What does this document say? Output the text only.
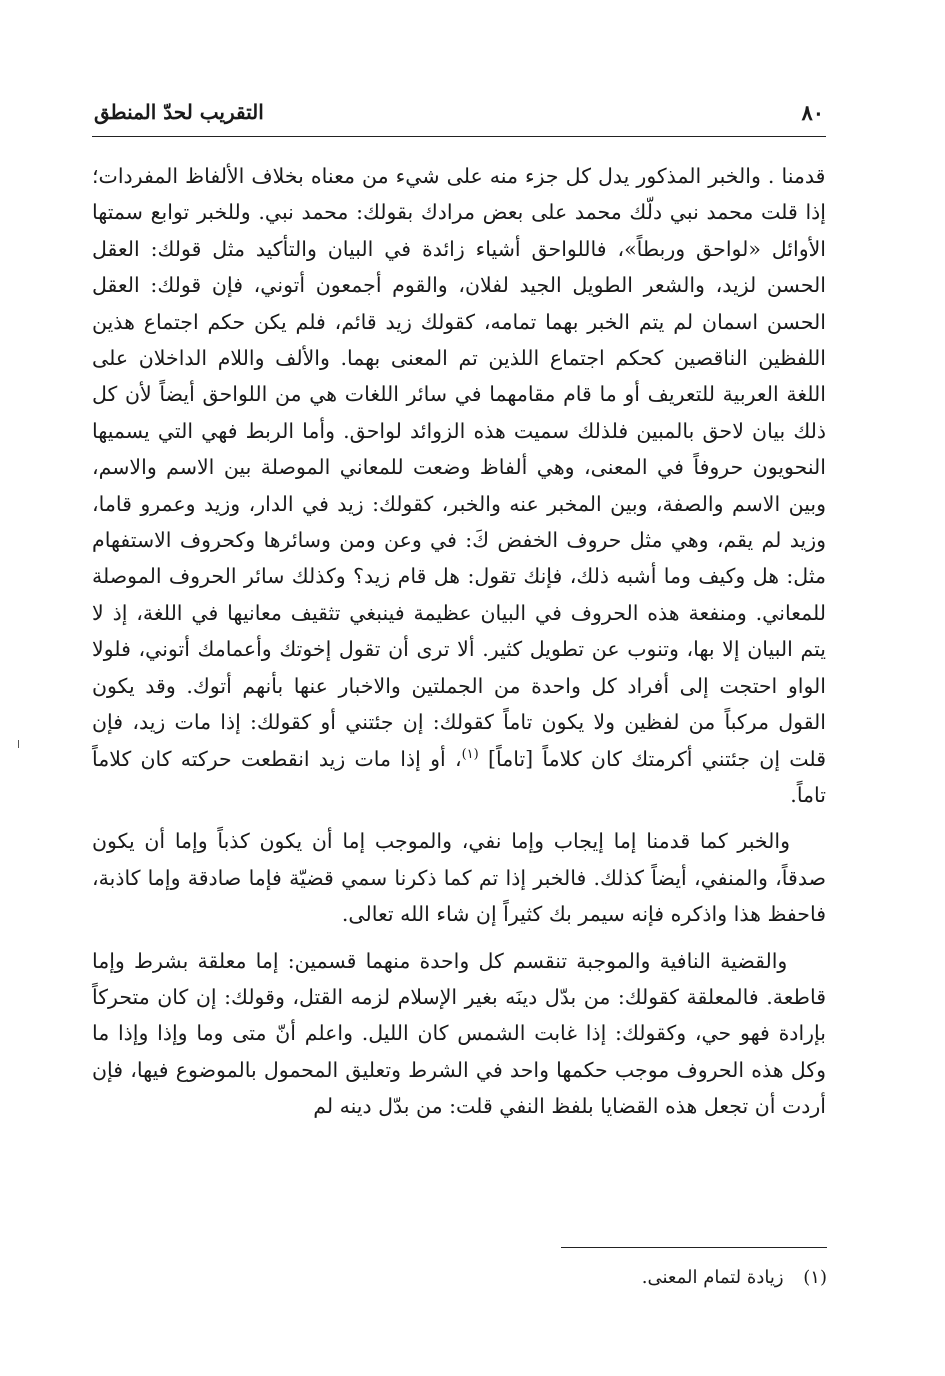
٨٠
التقريب لحدّ المنطق

قدمنا . والخبر المذكور يدل كل جزء منه على شيء من معناه بخلاف الألفاظ المفردات؛ إذا قلت محمد نبي دلّك محمد على بعض مرادك بقولك: محمد نبي. وللخبر توابع سمتها الأوائل «لواحق وربطاً»، فاللواحق أشياء زائدة في البيان والتأكيد مثل قولك: العقل الحسن لزيد، والشعر الطويل الجيد لفلان، والقوم أجمعون أتوني، فإن قولك: العقل الحسن اسمان لم يتم الخبر بهما تمامه، كقولك زيد قائم، فلم يكن حكم اجتماع هذين اللفظين الناقصين كحكم اجتماع اللذين تم المعنى بهما. والألف واللام الداخلان على اللغة العربية للتعريف أو ما قام مقامهما في سائر اللغات هي من اللواحق أيضاً لأن كل ذلك بيان لاحق بالمبين فلذلك سميت هذه الزوائد لواحق. وأما الربط فهي التي يسميها النحويون حروفاً في المعنى، وهي ألفاظ وضعت للمعاني الموصلة بين الاسم والاسم، وبين الاسم والصفة، وبين المخبر عنه والخبر، كقولك: زيد في الدار، وزيد وعمرو قاما، وزيد لم يقم، وهي مثل حروف الخفض كَ: في وعن ومن وسائرها وكحروف الاستفهام مثل: هل وكيف وما أشبه ذلك، فإنك تقول: هل قام زيد؟ وكذلك سائر الحروف الموصلة للمعاني. ومنفعة هذه الحروف في البيان عظيمة فينبغي تثقيف معانيها في اللغة، إذ لا يتم البيان إلا بها، وتنوب عن تطويل كثير. ألا ترى أن تقول إخوتك وأعمامك أتوني، فلولا الواو احتجت إلى أفراد كل واحدة من الجملتين والاخبار عنها بأنهم أتوك. وقد يكون القول مركباً من لفظين ولا يكون تاماً كقولك: إن جئتني أو كقولك: إذا مات زيد، فإن قلت إن جئتني أكرمتك كان كلاماً [تاماً] $^{(١)}$، أو إذا مات زيد انقطعت حركته كان كلاماً تاماً.

والخبر كما قدمنا إما إيجاب وإما نفي، والموجب إما أن يكون كذباً وإما أن يكون صدقاً، والمنفي، أيضاً كذلك. فالخبر إذا تم كما ذكرنا سمي قضيّة فإما صادقة وإما كاذبة، فاحفظ هذا واذكره فإنه سيمر بك كثيراً إن شاء الله تعالى.

والقضية النافية والموجبة تنقسم كل واحدة منهما قسمين: إما معلقة بشرط وإما قاطعة. فالمعلقة كقولك: من بدّل دينَه بغير الإسلام لزمه القتل، وقولك: إن كان متحركاً بإرادة فهو حي، وكقولك: إذا غابت الشمس كان الليل. واعلم أنّ متى وما وإذا وإذا ما وكل هذه الحروف موجب حكمها واحد في الشرط وتعليق المحمول بالموضوع فيها، فإن أردت أن تجعل هذه القضايا بلفظ النفي قلت: من بدّل دينه لم

(١) زيادة لتمام المعنى.
